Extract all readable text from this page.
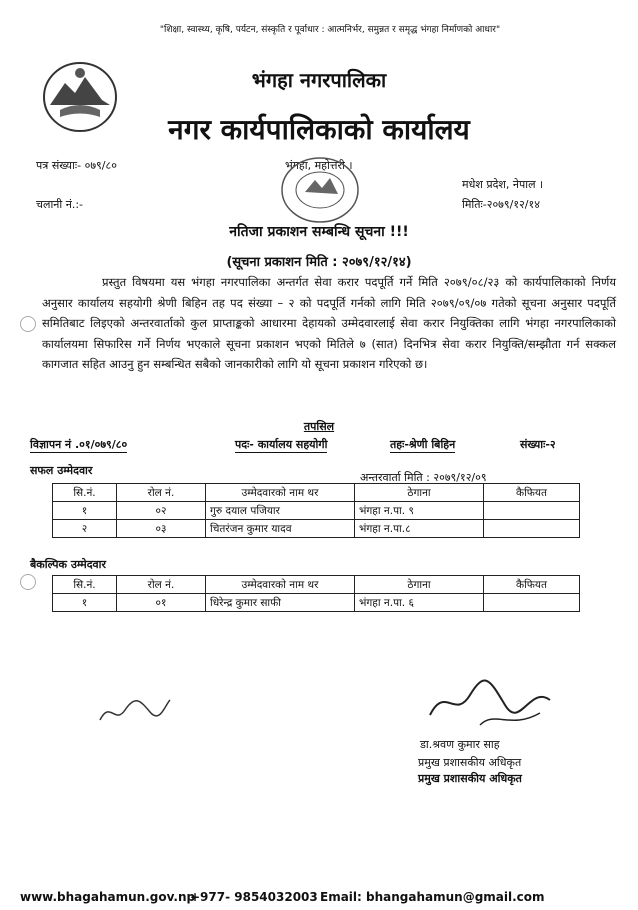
"शिक्षा, स्वास्थ्य, कृषि, पर्यटन, संस्कृति र पूर्वाधार : आत्मनिर्भर, समुन्नत र समृद्ध भंगहा निर्माणको आधार"
भंगहा नगरपालिका
नगर कार्यपालिकाको कार्यालय
पत्र संख्याः- ०७९/८०	भंगहा, महोत्तरी ।
मधेश प्रदेश, नेपाल ।
चलानी नं.:-	मितिः-२०७९/१२/१४
नतिजा प्रकाशन सम्बन्धि सूचना !!!
(सूचना प्रकाशन मिति : २०७९/१२/१४)

प्रस्तुत विषयमा यस भंगहा नगरपालिका अन्तर्गत सेवा करार पदपूर्ति गर्ने मिति २०७९/०८/२३ को कार्यपालिकाको निर्णय अनुसार कार्यालय सहयोगी श्रेणी बिहिन तह पद संख्या – २ को पदपूर्ति गर्नको लागि मिति २०७९/०९/०७ गतेको सूचना अनुसार पदपूर्ति समितिबाट लिइएको अन्तरवार्ताको कुल प्राप्ताङ्कको आधारमा देहायको उम्मेदवारलाई सेवा करार नियुक्तिका लागि भंगहा नगरपालिकाको कार्यालयमा सिफारिस गर्ने निर्णय भएकाले सूचना प्रकाशन भएको मितिले ७ (सात) दिनभित्र सेवा करार नियुक्ति/सम्झौता गर्न सक्कल कागजात सहित आउनु हुन सम्बन्धित सबैको जानकारीको लागि यो सूचना प्रकाशन गरिएको छ।

तपसिल
विज्ञापन नं .०१/०७९/८०	पदः- कार्यालय सहयोगी	तहः-श्रेणी बिहिन	संख्याः-२
सफल उम्मेदवार
अन्तरवार्ता मिति : २०७९/१२/०९
सि.नं.	रोल नं.	उम्मेदवारको नाम थर	ठेगाना	कैफियत
१	०२	गुरु दयाल पजियार	भंगहा न.पा. ९	
२	०३	चितरंजन कुमार यादव	भंगहा न.पा.८	
बैकल्पिक उम्मेदवार
सि.नं.	रोल नं.	उम्मेदवारको नाम थर	ठेगाना	कैफियत
१	०१	धिरेन्द्र कुमार साफी	भंगहा न.पा. ६	
डा.श्रवण कुमार साह
प्रमुख प्रशासकीय अधिकृत
प्रमुख प्रशासकीय अधिकृत
www.bhagahamun.gov.np
+977- 9854032003 Email: bhangahamun@gmail.com
